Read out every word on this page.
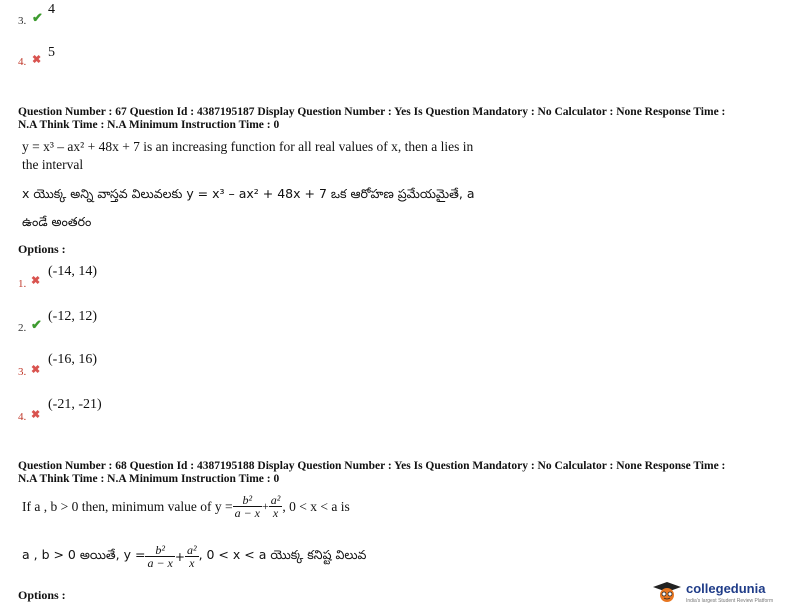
3. ✔
4
4. ✖ 5
Question Number : 67 Question Id : 4387195187 Display Question Number : Yes Is Question Mandatory : No Calculator : None Response Time :
N.A Think Time : N.A Minimum Instruction Time : 0
y = x³ – ax² + 48x + 7 is an increasing function for all real values of x, then a lies in
the interval
x యొక్క అన్ని వాస్తవ విలువలకు y = x³ – ax² + 48x + 7 ఒక ఆరోహణ ప్రమేయమైతే, a
ఉండే అంతరం
Options :
1. ✖
(-14, 14)
2. ✔
(-12, 12)
3. ✖
(-16, 16)
4. ✖
(-21, -21)
Question Number : 68 Question Id : 4387195188 Display Question Number : Yes Is Question Mandatory : No Calculator : None Response Time :
N.A Think Time : N.A Minimum Instruction Time : 0
If a , b > 0 then, minimum value of $y = \frac{\text{b²}}{a - x} + \frac{\text{a²}}{x}$ , 0 < x < a is
a , b > 0 అయితే, $y = \frac{\text{b²}}{a - x} + \frac{\text{a²}}{x}$ , 0 < x < a యొక్క కనిష్ట విలువ
Options :	collegedunia
India's largest Student Review Platform
